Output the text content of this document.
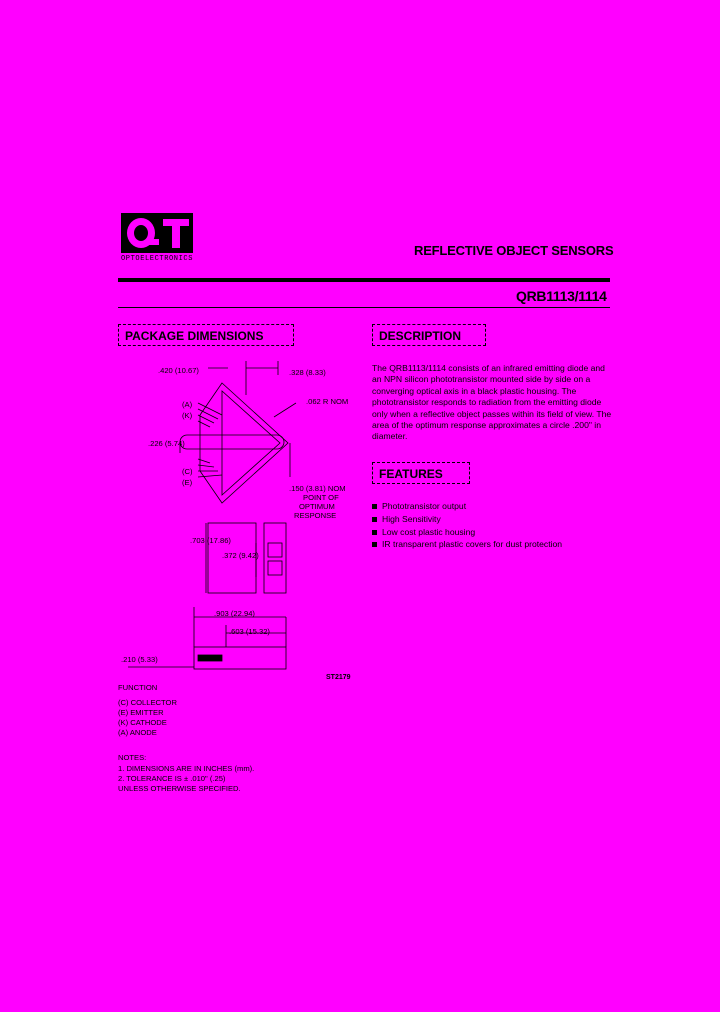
OPTOELECTRONICS
REFLECTIVE OBJECT SENSORS
QRB1113/1114
PACKAGE DIMENSIONS	DESCRIPTION
FEATURES
The QRB1113/1114 consists of an infrared emitting diode and an NPN silicon phototransistor mounted side by side on a converging optical axis in a black plastic housing. The phototransistor responds to radiation from the emitting diode only when a reflective object passes within its field of view. The area of the optimum response approximates a circle .200" in diameter.
Phototransistor output
High Sensitivity
Low cost plastic housing
IR transparent plastic covers for dust protection
.420 (10.67)	.328 (8.33)
.062 R NOM
.226 (5.74)
.150 (3.81) NOM
POINT OF
OPTIMUM
RESPONSE
.703 (17.86)
.372 (9.42)
.903 (22.94)
.603 (15.32)
.210 (5.33)
(A)
(K)
(C)
(E)
ST2179
FUNCTION
(C) COLLECTOR
(E) EMITTER
(K) CATHODE
(A) ANODE
NOTES:
1. DIMENSIONS ARE IN INCHES (mm).
2. TOLERANCE IS ± .010" (.25)
UNLESS OTHERWISE SPECIFIED.
